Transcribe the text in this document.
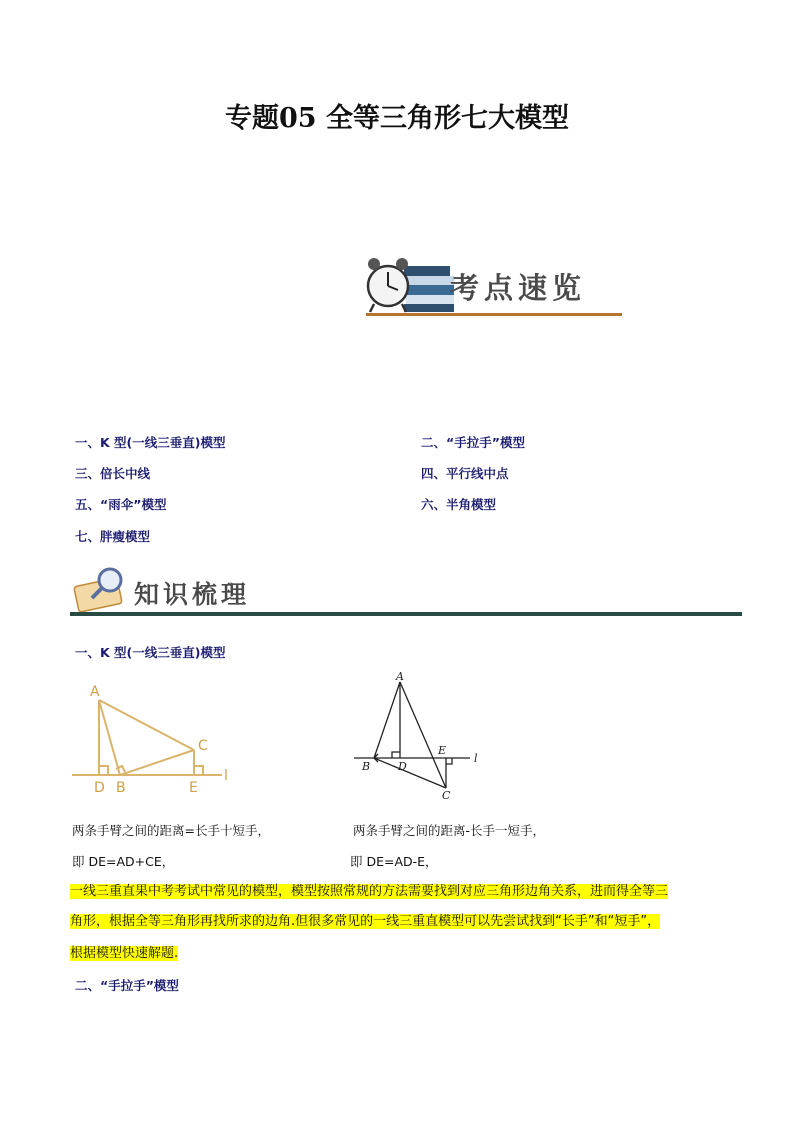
专题05 全等三角形七大模型
考点速览
一、K 型(一线三垂直)模型	二、“手拉手”模型
三、倍长中线	四、平行线中点
五、“雨伞”模型	六、半角模型
七、胖瘦模型
知识梳理
一、K 型(一线三垂直)模型
A
C
D B	E
l
A
E
l
B	D
C
两条手臂之间的距离=长手十短手，	两条手臂之间的距离-长手一短手，
即 DE=AD+CE，	即 DE=AD-E，
一线三重直果中考考试中常见的模型，模型按照常规的方法需要找到对应三角形边角关系，进而得全等三
角形，根据全等三角形再找所求的边角.但很多常见的一线三重直模型可以先尝试找到“长手”和“短手”，
根据模型快速解题.
二、“手拉手”模型
